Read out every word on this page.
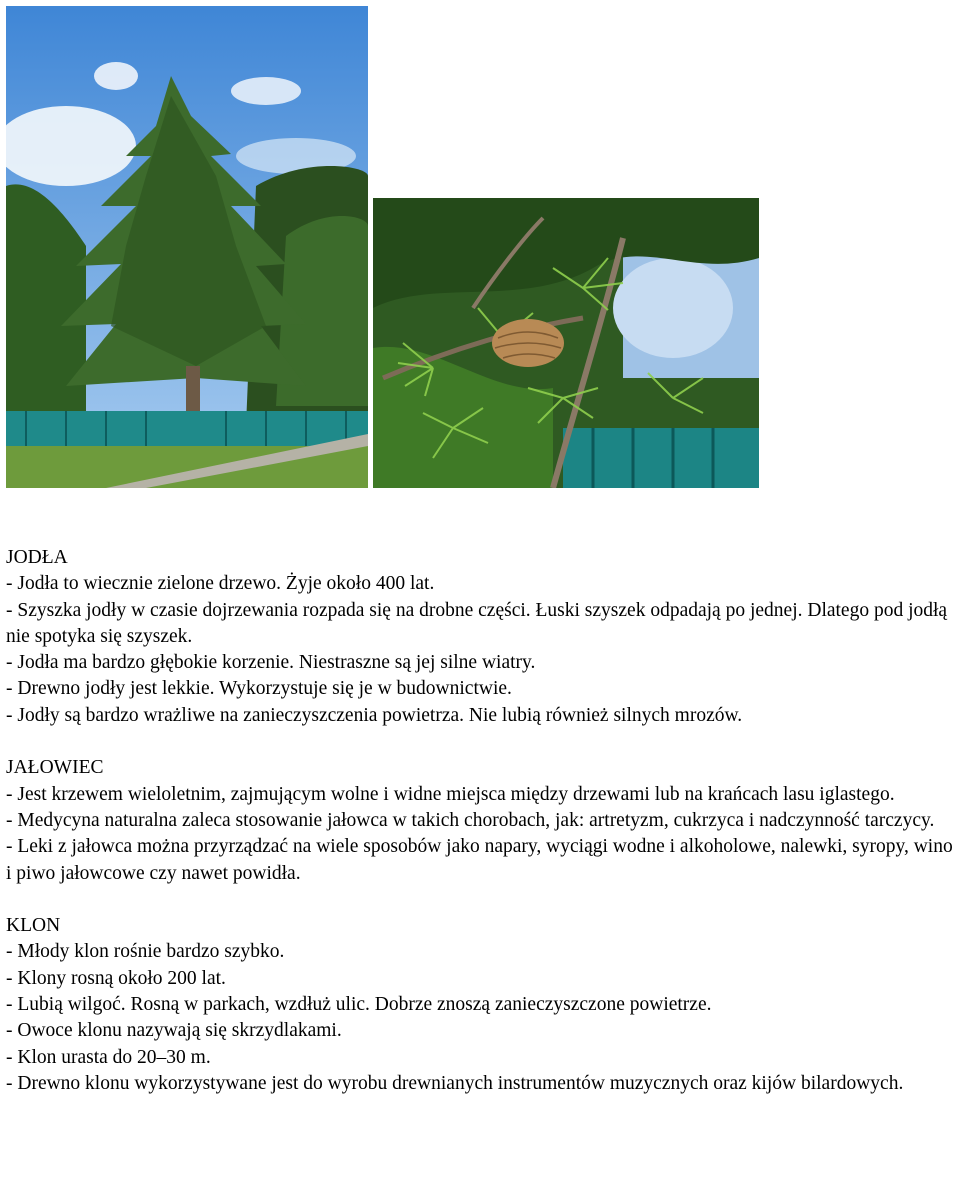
JODŁA
- Jodła to wiecznie zielone drzewo. Żyje około 400 lat.
- Szyszka jodły w czasie dojrzewania rozpada się na drobne części. Łuski szyszek odpadają po jednej. Dlatego pod jodłą nie spotyka się szyszek.
- Jodła ma bardzo głębokie korzenie. Niestraszne są jej silne wiatry.
- Drewno jodły jest lekkie. Wykorzystuje się je w budownictwie.
- Jodły są bardzo wrażliwe na zanieczyszczenia powietrza. Nie lubią również silnych mrozów.
JAŁOWIEC
- Jest krzewem wieloletnim, zajmującym wolne i widne miejsca między drzewami lub na krańcach lasu iglastego.
- Medycyna naturalna zaleca stosowanie jałowca w takich chorobach, jak: artretyzm, cukrzyca i nadczynność tarczycy.
- Leki z jałowca można przyrządzać na wiele sposobów jako napary, wyciągi wodne i alkoholowe, nalewki, syropy, wino i piwo jałowcowe czy nawet powidła.
KLON
- Młody klon rośnie bardzo szybko.
- Klony rosną około 200 lat.
- Lubią wilgoć. Rosną w parkach, wzdłuż ulic. Dobrze znoszą zanieczyszczone powietrze.
- Owoce klonu nazywają się skrzydlakami.
- Klon urasta do 20–30 m.
- Drewno klonu wykorzystywane jest do wyrobu drewnianych instrumentów muzycznych oraz kijów bilardowych.
